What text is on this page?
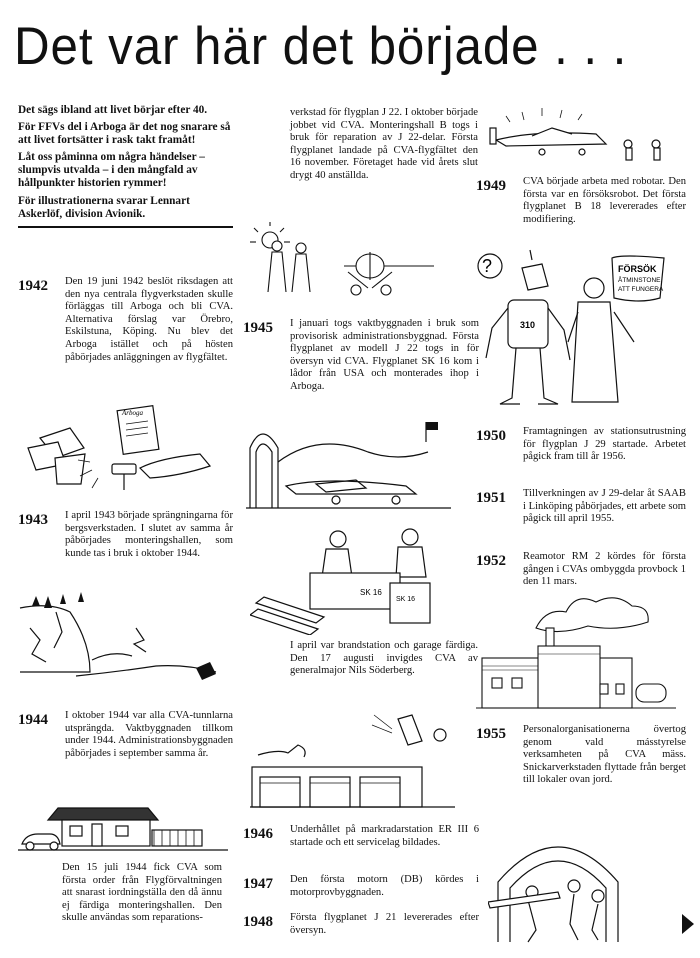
Det var här det började . . .

Det sägs ibland att livet börjar efter 40.

För FFVs del i Arboga är det nog snarare så att livet fortsätter i rask takt framåt!

Låt oss påminna om några händelser – slumpvis utvalda – i den mångfald av hållpunkter historien rymmer!

För illustrationerna svarar Lennart Askerlöf, division Avionik.

1942	Den 19 juni 1942 beslöt riksdagen att den nya centrala flygverkstaden skulle förläggas till Arboga och bli CVA. Alternativa förslag var Örebro, Eskilstuna, Köping. Nu blev det Arboga istället och på hösten påbörjades anläggningen av flygfältet.
Arboga
1943	I april 1943 började sprängningarna för bergsverkstaden. I slutet av samma år påbörjades monteringshallen, som kunde tas i bruk i oktober 1944.
1944	I oktober 1944 var alla CVA-tunnlarna utsprängda. Vaktbyggnaden tillkom under 1944. Administrationsbyggnaden påbörjades i september samma år.
Den 15 juli 1944 fick CVA som första order från Flygförvaltningen att snarast iordningställa den då ännu ej färdiga monteringshallen. Den skulle användas som reparations-
verkstad för flygplan J 22. I oktober började jobbet vid CVA. Monteringshall B togs i bruk för reparation av J 22-delar. Första flygplanet landade på CVA-flygfältet den 16 november. Företaget hade vid årets slut drygt 40 anställda.
1945	I januari togs vaktbyggnaden i bruk som provisorisk administrationsbyggnad. Första flygplanet av modell J 22 togs in för översyn vid CVA. Flygplanet SK 16 kom i lådor från USA och monterades ihop i Arboga.
SK 16
SK 16
I april var brandstation och garage färdiga. Den 17 augusti invigdes CVA av generalmajor Nils Söderberg.
1946	Underhållet på markradarstation ER III 6 startade och ett servicelag bildades.
1947	Den första motorn (DB) kördes i motorprovbyggnaden.
1948	Första flygplanet J 21 levererades efter översyn.
1949	CVA började arbeta med robotar. Den första var en försöksrobot. Det första flygplanet B 18 levererades efter modifiering.
?
310
FÖRSÖK
ÅTMINSTONE
ATT FUNGERA
1950	Framtagningen av stationsutrustning för flygplan J 29 startade. Arbetet pågick fram till år 1956.
1951	Tillverkningen av J 29-delar åt SAAB i Linköping påbörjades, ett arbete som pågick till april 1955.
1952	Reamotor RM 2 kördes för första gången i CVAs ombyggda provbock 1 den 11 mars.
1955	Personalorganisationerna övertog genom vald másstyrelse verksamheten på CVA mäss. Snickarverkstaden flyttade från berget till lokaler ovan jord.
